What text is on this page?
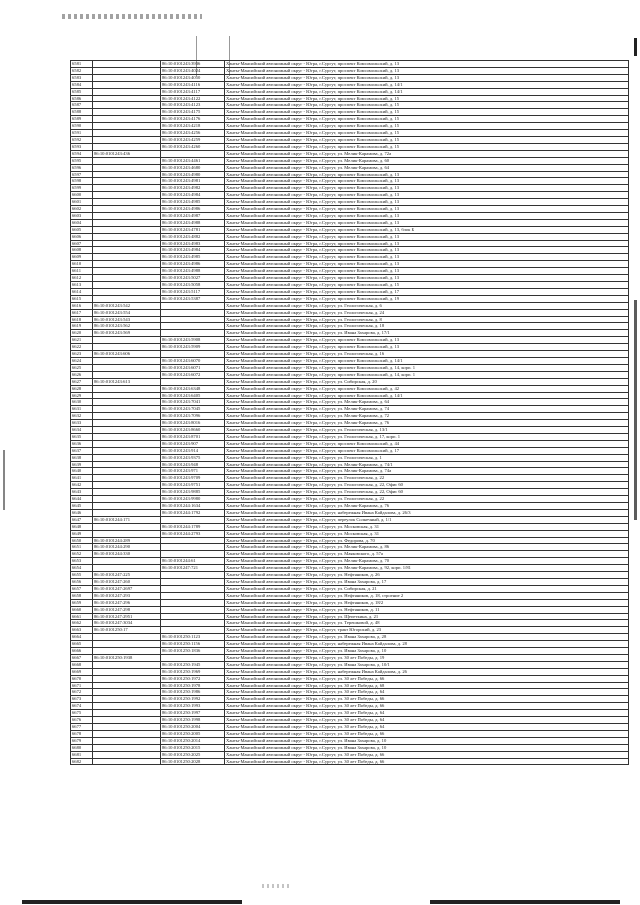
6581		86:10:0101243:3936	Ханты-Мансийский автономный округ - Югра, г.Сургут, проспект Комсомольский, д. 13
6582		86:10:0101243:4024	Ханты-Мансийский автономный округ - Югра, г.Сургут, проспект Комсомольский, д. 13
6583		86:10:0101243:4050	Ханты-Мансийский автономный округ - Югра, г.Сургут, проспект Комсомольский, д. 13
6584		86:10:0101243:4116	Ханты-Мансийский автономный округ - Югра, г.Сургут, проспект Комсомольский, д. 14/1
6585		86:10:0101243:4117	Ханты-Мансийский автономный округ - Югра, г.Сургут, проспект Комсомольский, д. 14/1
6586		86:10:0101243:4122	Ханты-Мансийский автономный округ - Югра, г.Сургут, проспект Комсомольский, д. 15
6587		86:10:0101243:4123	Ханты-Мансийский автономный округ - Югра, г.Сургут, проспект Комсомольский, д. 15
6588		86:10:0101243:4175	Ханты-Мансийский автономный округ - Югра, г.Сургут, проспект Комсомольский, д. 15
6589		86:10:0101243:4176	Ханты-Мансийский автономный округ - Югра, г.Сургут, проспект Комсомольский, д. 15
6590		86:10:0101243:4218	Ханты-Мансийский автономный округ - Югра, г.Сургут, проспект Комсомольский, д. 15
6591		86:10:0101243:4256	Ханты-Мансийский автономный округ - Югра, г.Сургут, проспект Комсомольский, д. 15
6592		86:10:0101243:4259	Ханты-Мансийский автономный округ - Югра, г.Сургут, проспект Комсомольский, д. 15
6593		86:10:0101243:4260	Ханты-Мансийский автономный округ - Югра, г.Сургут, проспект Комсомольский, д. 15
6594	86:10:0101243:436		Ханты-Мансийский автономный округ - Югра, г.Сургут, ул. Мелик-Карамова, д. 72а
6595		86:10:0101243:4461	Ханты-Мансийский автономный округ - Югра, г.Сургут, ул. Мелик-Карамова, д. 60
6596		86:10:0101243:4680	Ханты-Мансийский автономный округ - Югра, г.Сургут, ул. Мелик-Карамова, д. 64
6597		86:10:0101243:4980	Ханты-Мансийский автономный округ - Югра, г.Сургут, проспект Комсомольский, д. 13
6598		86:10:0101243:4981	Ханты-Мансийский автономный округ - Югра, г.Сургут, проспект Комсомольский, д. 13
6599		86:10:0101243:4982	Ханты-Мансийский автономный округ - Югра, г.Сургут, проспект Комсомольский, д. 13
6600		86:10:0101243:4984	Ханты-Мансийский автономный округ - Югра, г.Сургут, проспект Комсомольский, д. 13
6601		86:10:0101243:4985	Ханты-Мансийский автономный округ - Югра, г.Сургут, проспект Комсомольский, д. 13
6602		86:10:0101243:4986	Ханты-Мансийский автономный округ - Югра, г.Сургут, проспект Комсомольский, д. 13
6603		86:10:0101243:4987	Ханты-Мансийский автономный округ - Югра, г.Сургут, проспект Комсомольский, д. 13
6604		86:10:0101243:4988	Ханты-Мансийский автономный округ - Югра, г.Сургут, проспект Комсомольский, д. 13
6605		86:10:0101243:4781	Ханты-Мансийский автономный округ - Югра, г.Сургут, проспект Комсомольский, д. 13, блок Б
6606		86:10:0101243:4882	Ханты-Мансийский автономный округ - Югра, г.Сургут, проспект Комсомольский, д. 13
6607		86:10:0101243:4983	Ханты-Мансийский автономный округ - Югра, г.Сургут, проспект Комсомольский, д. 13
6608		86:10:0101243:4984	Ханты-Мансийский автономный округ - Югра, г.Сургут, проспект Комсомольский, д. 13
6609		86:10:0101243:4985	Ханты-Мансийский автономный округ - Югра, г.Сургут, проспект Комсомольский, д. 13
6610		86:10:0101243:4986	Ханты-Мансийский автономный округ - Югра, г.Сургут, проспект Комсомольский, д. 13
6611		86:10:0101243:4988	Ханты-Мансийский автономный округ - Югра, г.Сургут, проспект Комсомольский, д. 13
6612		86:10:0101243:5027	Ханты-Мансийский автономный округ - Югра, г.Сургут, проспект Комсомольский, д. 13
6613		86:10:0101243:5058	Ханты-Мансийский автономный округ - Югра, г.Сургут, проспект Комсомольский, д. 15
6614		86:10:0101243:5117	Ханты-Мансийский автономный округ - Югра, г.Сургут, проспект Комсомольский, д. 17
6615		86:10:0101243:5387	Ханты-Мансийский автономный округ - Югра, г.Сургут, проспект Комсомольский, д. 19
6616	86:10:0101243:542		Ханты-Мансийский автономный округ - Югра, г.Сургут, ул. Геологическая, д. 6
6617	86:10:0101243:554		Ханты-Мансийский автономный округ - Югра, г.Сургут, ул. Геологическая, д. 24
6618	86:10:0101243:543		Ханты-Мансийский автономный округ - Югра, г.Сургут, ул. Геологическая, д. 8
6619	86:10:0101243:562		Ханты-Мансийский автономный округ - Югра, г.Сургут, ул. Геологическая, д. 18
6620	86:10:0101243:569		Ханты-Мансийский автономный округ - Югра, г.Сургут, ул. Ивана Захарова, д. 17/1
6621		86:10:0101243:5908	Ханты-Мансийский автономный округ - Югра, г.Сургут, проспект Комсомольский, д. 13
6622		86:10:0101243:5909	Ханты-Мансийский автономный округ - Югра, г.Сургут, проспект Комсомольский, д. 13
6623	86:10:0101243:606		Ханты-Мансийский автономный округ - Югра, г.Сургут, ул. Геологическая, д. 16
6624		86:10:0101243:6070	Ханты-Мансийский автономный округ - Югра, г.Сургут, проспект Комсомольский, д. 14/1
6625		86:10:0101243:6071	Ханты-Мансийский автономный округ - Югра, г.Сургут, проспект Комсомольский, д. 14, корп. 1
6626		86:10:0101243:6072	Ханты-Мансийский автономный округ - Югра, г.Сургут, проспект Комсомольский, д. 14, корп. 1
6627	86:10:0101243:613		Ханты-Мансийский автономный округ - Югра, г.Сургут, ул. Сибирская, д. 20
6628		86:10:0101243:6348	Ханты-Мансийский автономный округ - Югра, г.Сургут, проспект Комсомольский, д. 42
6629		86:10:0101243:6405	Ханты-Мансийский автономный округ - Югра, г.Сургут, проспект Комсомольский, д. 14/1
6630		86:10:0101243:7041	Ханты-Мансийский автономный округ - Югра, г.Сургут, ул. Мелик-Карамова, д. 64
6631		86:10:0101243:7045	Ханты-Мансийский автономный округ - Югра, г.Сургут, ул. Мелик-Карамова, д. 74
6632		86:10:0101243:7096	Ханты-Мансийский автономный округ - Югра, г.Сургут, ул. Мелик-Карамова, д. 72
6633		86:10:0101243:8016	Ханты-Мансийский автономный округ - Югра, г.Сургут, ул. Мелик-Карамова, д. 76
6634		86:10:0101243:8660	Ханты-Мансийский автономный округ - Югра, г.Сургут, ул. Геологическая, д. 13/1
6635		86:10:0101243:8701	Ханты-Мансийский автономный округ - Югра, г.Сургут, ул. Геологическая, д. 17, корп. 1
6636		86:10:0101243:907	Ханты-Мансийский автономный округ - Югра, г.Сургут, проспект Комсомольский, д. 44
6637		86:10:0101243:914	Ханты-Мансийский автономный округ - Югра, г.Сургут, проспект Комсомольский, д. 17
6638		86:10:0101243:9375	Ханты-Мансийский автономный округ - Югра, г.Сургут, ул. Геологическая, д. 1
6639		86:10:0101243:948	Ханты-Мансийский автономный округ - Югра, г.Сургут, ул. Мелик-Карамова, д. 74/1
6640		86:10:0101243:971	Ханты-Мансийский автономный округ - Югра, г.Сургут, ул. Мелик-Карамова, д. 74а
6641		86:10:0101243:9709	Ханты-Мансийский автономный округ - Югра, г.Сургут, ул. Геологическая, д. 22
6642		86:10:0101243:9751	Ханты-Мансийский автономный округ - Югра, г.Сургут, ул. Геологическая, д. 22, Офис 60
6643		86:10:0101243:9885	Ханты-Мансийский автономный округ - Югра, г.Сургут, ул. Геологическая, д. 22, Офис 60
6644		86:10:0101243:9980	Ханты-Мансийский автономный округ - Югра, г.Сургут, ул. Геологическая, д. 22
6645		86:10:0101244:1634	Ханты-Мансийский автономный округ - Югра, г.Сургут, ул. Мелик-Карамова, д. 76
6646		86:10:0101244:1792	Ханты-Мансийский автономный округ - Югра, г.Сургут, набережная Ивана Кайдалова, д. 26/3
6647	86:10:0101244:171		Ханты-Мансийский автономный округ - Югра, г.Сургут, переулок Солнечный, д. 1/1
6648		86:10:0101244:1789	Ханты-Мансийский автономный округ - Югра, г.Сургут, ул. Московская, д. 31
6649		86:10:0101244:2793	Ханты-Мансийский автономный округ - Югра, г.Сургут, ул. Московская, д. 31
6650	86:10:0101244:289		Ханты-Мансийский автономный округ - Югра, г.Сургут, ул. Федорова, д. 70
6651	86:10:0101244:290		Ханты-Мансийский автономный округ - Югра, г.Сургут, ул. Мелик-Карамова, д. 86
6652	86:10:0101244:330		Ханты-Мансийский автономный округ - Югра, г.Сургут, ул. Маяковского, д. 57а
6653		86:10:0101244:61	Ханты-Мансийский автономный округ - Югра, г.Сургут, ул. Мелик-Карамова, д. 70
6654		86:10:0101247:721	Ханты-Мансийский автономный округ - Югра, г.Сургут, ул. Мелик-Карамова, д. 92, корп. 1/81
6655	86:10:0101247:225		Ханты-Мансийский автономный округ - Югра, г.Сургут, ул. Нефтяников, д. 26
6656	86:10:0101247:260		Ханты-Мансийский автономный округ - Югра, г.Сургут, ул. Ивана Захарова, д. 17
6657	86:10:0101247:2697		Ханты-Мансийский автономный округ - Югра, г.Сургут, ул. Сибирская, д. 21
6658	86:10:0101247:293		Ханты-Мансийский автономный округ - Югра, г.Сургут, ул. Нефтяников, д. 18, строение 2
6659	86:10:0101247:296		Ханты-Мансийский автономный округ - Югра, г.Сургут, ул. Нефтяников, д. 18/2
6660	86:10:0101247:298		Ханты-Мансийский автономный округ - Югра, г.Сургут, ул. Нефтяников, д. 11
6661	86:10:0101247:2951		Ханты-Мансийский автономный округ - Югра, г.Сургут, ул. Щепеткина, д. 21
6662	86:10:0101247:3034		Ханты-Мансийский автономный округ - Югра, г.Сургут, ул. Терешковой, д. 48
6663	86:10:0101250:17		Ханты-Мансийский автономный округ - Югра, г.Сургут, тракт Югорский, д. 23
6664		86:10:0101250:1123	Ханты-Мансийский автономный округ - Югра, г.Сургут, ул. Ивана Захарова, д. 28
6665		86:10:0101250:1156	Ханты-Мансийский автономный округ - Югра, г.Сургут, набережная Ивана Кайдалова, д. 28
6666		86:10:0101250:1836	Ханты-Мансийский автономный округ - Югра, г.Сургут, ул. Ивана Захарова, д. 10
6667	86:10:0101250:1938		Ханты-Мансийский автономный округ - Югра, г.Сургут, ул. 30 лет Победы, д. 19
6668		86:10:0101250:1945	Ханты-Мансийский автономный округ - Югра, г.Сургут, ул. Ивана Захарова, д. 10/1
6669		86:10:0101250:1969	Ханты-Мансийский автономный округ - Югра, г.Сургут, набережная Ивана Кайдалова, д. 26
6670		86:10:0101250:1972	Ханты-Мансийский автономный округ - Югра, г.Сургут, ул. 30 лет Победы, д. 66
6671		86:10:0101250:1978	Ханты-Мансийский автономный округ - Югра, г.Сургут, ул. 30 лет Победы, д. 68
6672		86:10:0101250:1986	Ханты-Мансийский автономный округ - Югра, г.Сургут, ул. 30 лет Победы, д. 64
6673		86:10:0101250:1992	Ханты-Мансийский автономный округ - Югра, г.Сургут, ул. 30 лет Победы, д. 66
6674		86:10:0101250:1993	Ханты-Мансийский автономный округ - Югра, г.Сургут, ул. 30 лет Победы, д. 66
6675		86:10:0101250:1997	Ханты-Мансийский автономный округ - Югра, г.Сургут, ул. 30 лет Победы, д. 64
6676		86:10:0101250:1998	Ханты-Мансийский автономный округ - Югра, г.Сургут, ул. 30 лет Победы, д. 64
6677		86:10:0101250:2004	Ханты-Мансийский автономный округ - Югра, г.Сургут, ул. 30 лет Победы, д. 64
6678		86:10:0101250:2005	Ханты-Мансийский автономный округ - Югра, г.Сургут, ул. 30 лет Победы, д. 66
6679		86:10:0101250:2014	Ханты-Мансийский автономный округ - Югра, г.Сургут, ул. Ивана Захарова, д. 10
6680		86:10:0101250:2015	Ханты-Мансийский автономный округ - Югра, г.Сургут, ул. Ивана Захарова, д. 10
6681		86:10:0101250:2025	Ханты-Мансийский автономный округ - Югра, г.Сургут, ул. 30 лет Победы, д. 66
6682		86:10:0101250:2028	Ханты-Мансийский автономный округ - Югра, г.Сургут, ул. 30 лет Победы, д. 66
